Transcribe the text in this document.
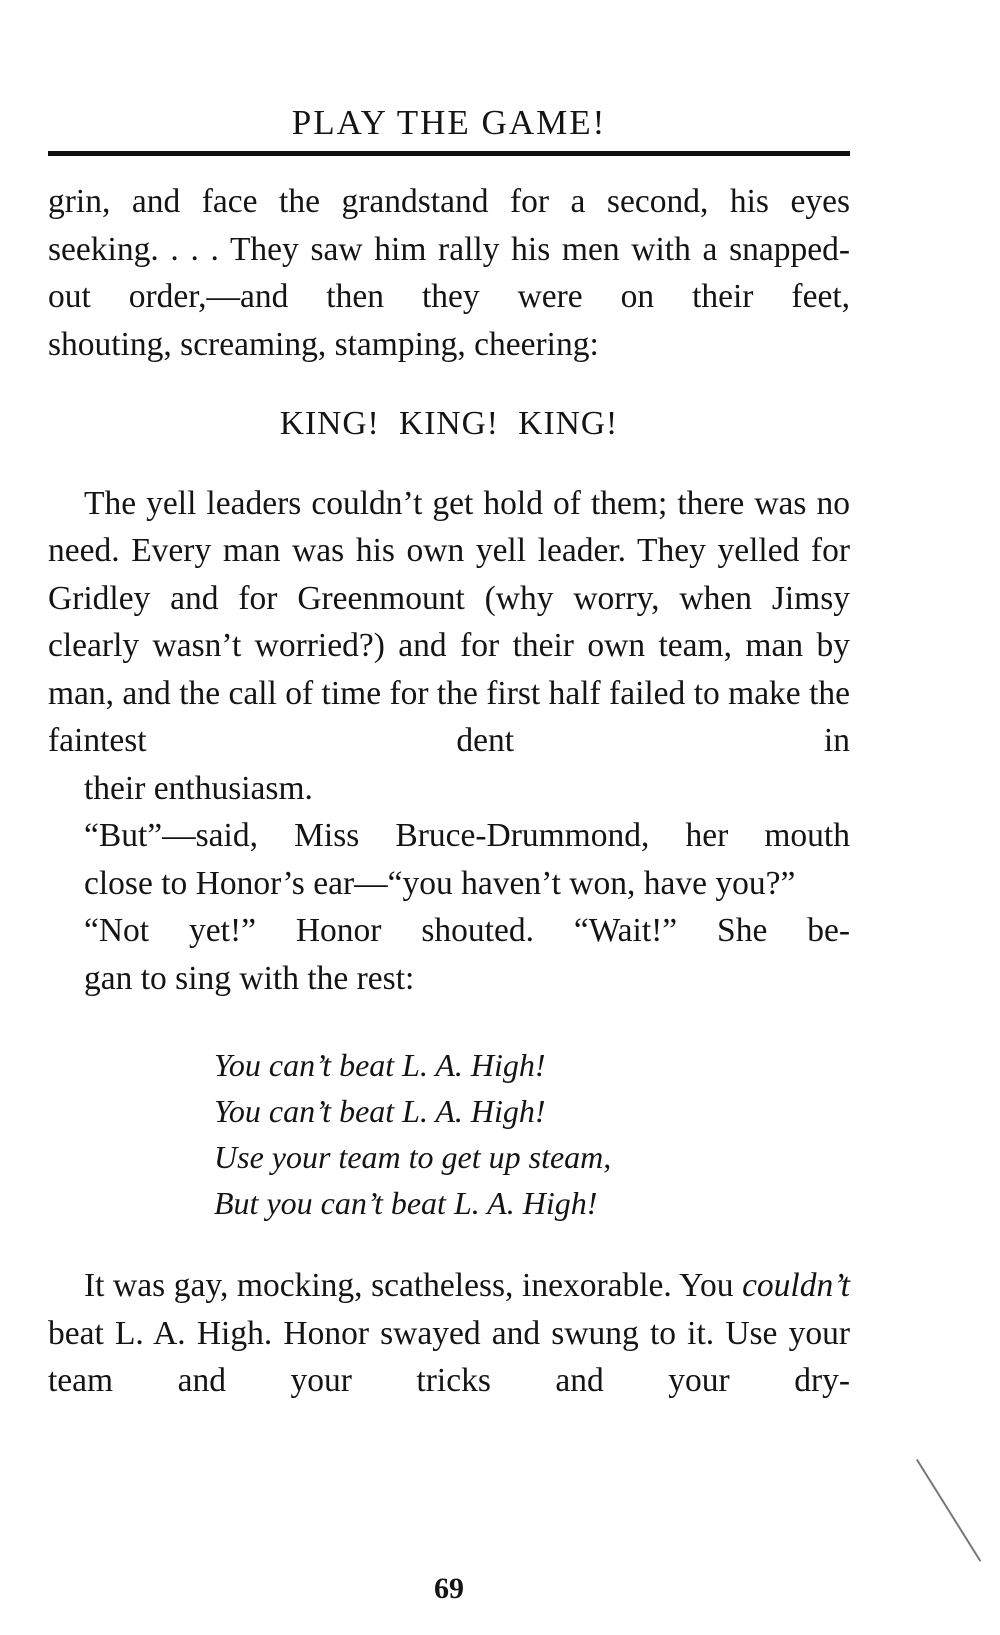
PLAY THE GAME!

grin, and face the grandstand for a second, his eyes seeking. . . . They saw him rally his men with a snapped-out order,—and then they were on their feet,
shouting, screaming, stamping, cheering:

KING! KING! KING!

The yell leaders couldn’t get hold of them; there was no need. Every man was his own yell leader. They yelled for Gridley and for Greenmount (why worry, when Jimsy clearly wasn’t worried?) and for their own team, man by man, and the call of time for the first half failed to make the faintest dent in
their enthusiasm.

“But”—said, Miss Bruce-Drummond, her mouth
close to Honor’s ear—“you haven’t won, have you?”

“Not yet!” Honor shouted. “Wait!” She be-
gan to sing with the rest:

You can’t beat L. A. High!
You can’t beat L. A. High!
Use your team to get up steam,
But you can’t beat L. A. High!

It was gay, mocking, scatheless, inexorable. You couldn’t beat L. A. High. Honor swayed and swung to it. Use your team and your tricks and your dry-

69
